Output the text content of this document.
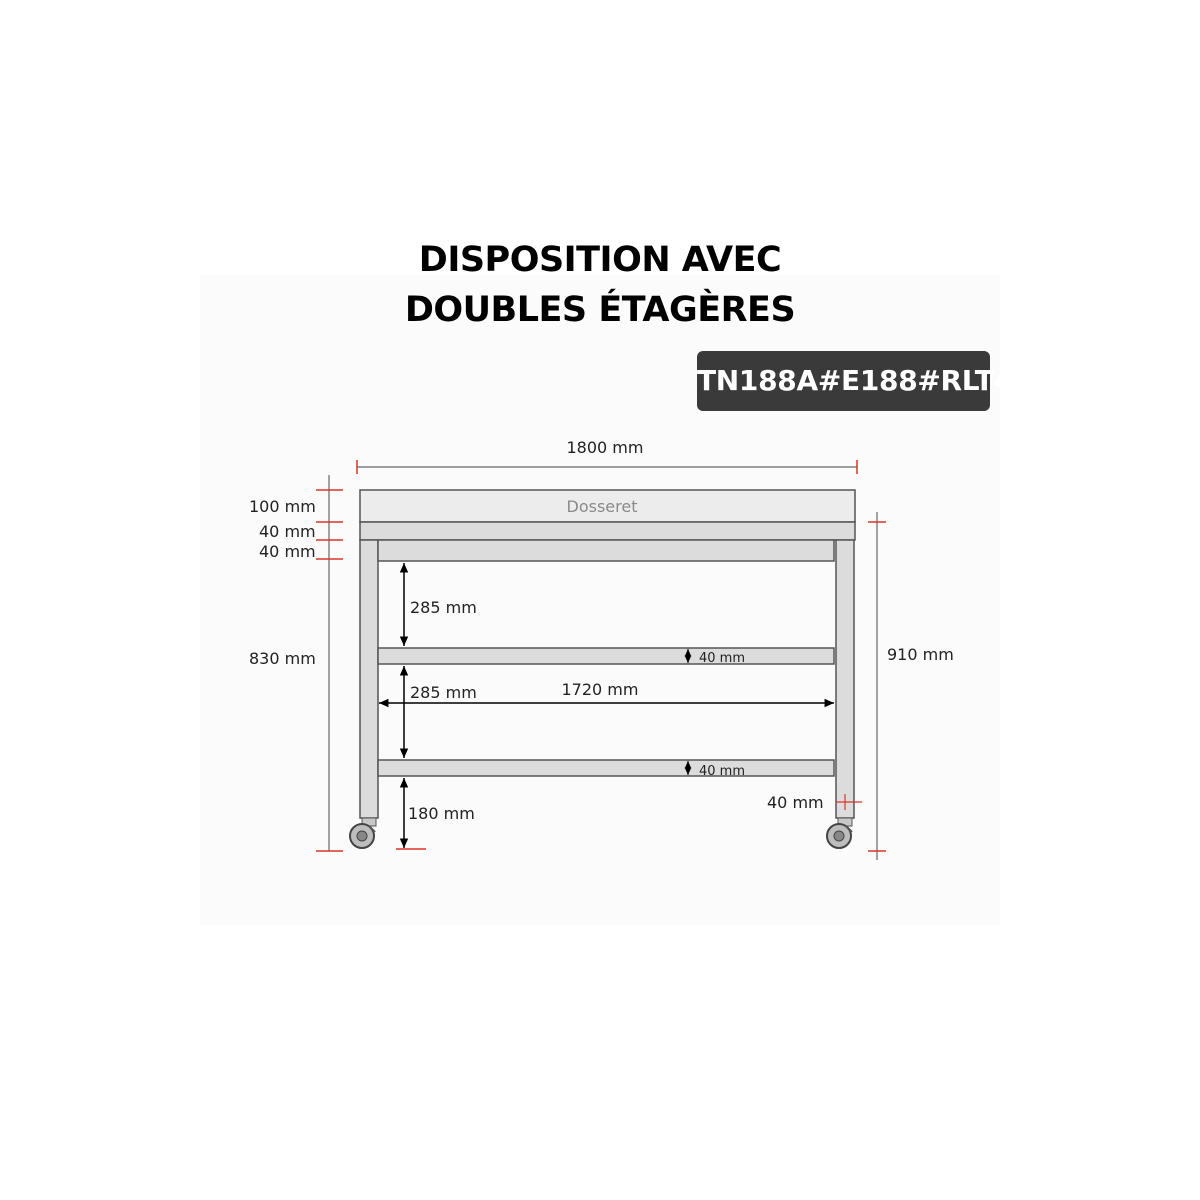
DISPOSITION AVEC
DOUBLES ÉTAGÈRES
TN188A#E188#RLT4
Dosseret
1800 mm
100 mm
40 mm
40 mm
830 mm	910 mm
285 mm
285 mm
180 mm
1720 mm
40 mm
40 mm
40 mm
